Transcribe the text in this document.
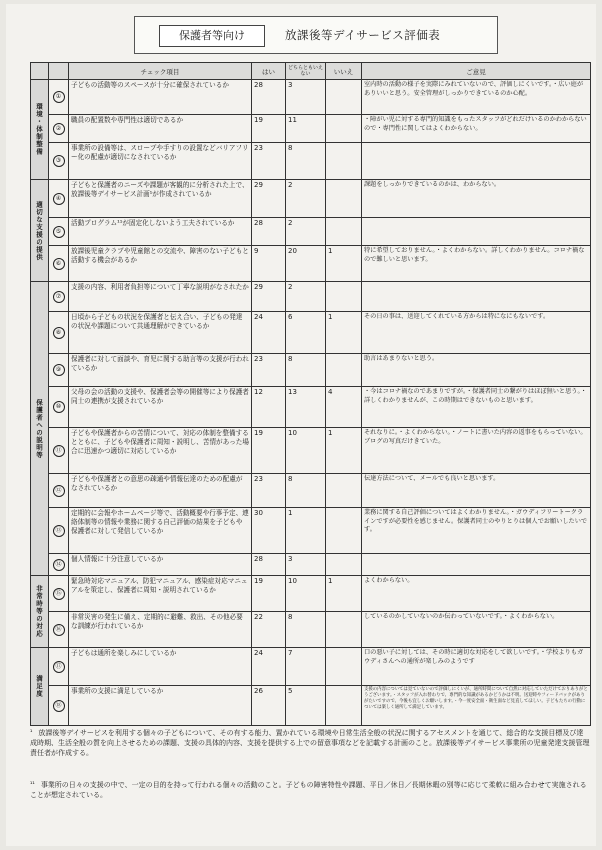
保護者等向け	放課後等デイサービス評価表
		チェック項目	はい	どちらともいえない	いいえ	ご意見
環境・体制整備	①	子どもの活動等のスペースが十分に確保されているか	28	3		室内時の活動の様子を実際にみれていないので、評価しにくいです。・広い庭がありいいと思う。安全管理がしっかりできているのか心配。
	②	職員の配置数や専門性は適切であるか	19	11		・障がい児に対する専門的知識をもったスタッフがどれだけいるのかわからないので・専門性に関してはよくわからない。
	③	事業所の設備等は、スロープや手すりの設置などバリアフリー化の配慮が適切になされているか	23	8		
適切な支援の提供	④	子どもと保護者のニーズや課題が客観的に分析された上で、放課後等デイサービス計画¹が作成されているか	29	2		課題をしっかりできているのかは、わからない。
	⑤	活動プログラム¹¹が固定化しないよう工夫されているか	28	2		
	⑥	放課後児童クラブや児童館との交流や、障害のない子どもと活動する機会があるか	9	20	1	特に希望しておりません。・よくわからない。詳しくわかりません。コロナ禍なので難しいと思います。
保護者への説明等	⑦	支援の内容、利用者負担等について丁寧な説明がなされたか	29	2		
	⑧	日頃から子どもの状況を保護者と伝え合い、子どもの発達の状況や課題について共通理解ができているか	24	6	1	その日の事は、送迎してくれている方からは特になにもないです。
	⑨	保護者に対して面談や、育児に関する助言等の支援が行われているか	23	8		助言はあまりないと思う。
	⑩	父母の会の活動の支援や、保護者会等の開催等により保護者同士の連携が支援されているか	12	13	4	・今はコロナ禍なのであまりですが。・保護者同士の繋がりはほぼ無いと思う。・詳しくわかりませんが、この時期はできないものと思います。
	⑪	子どもや保護者からの苦情について、対応の体制を整備するとともに、子どもや保護者に周知・説明し、苦情があった場合に迅速かつ適切に対応しているか	19	10	1	それなりに。・よくわからない。・ノートに書いた内容の返事をもらっていない。ブログの写真だけきていた。
	⑫	子どもや保護者との意思の疎通や情報伝達のための配慮がなされているか	23	8		伝達方法について、メールでも良いと思います。
	⑬	定期的に会報やホームページ等で、活動概要や行事予定、連絡体制等の情報や業務に関する自己評価の結果を子どもや保護者に対して発信しているか	30	1		業務に関する自己評価についてはよくわかりません。・ガウディフリートークラインですが必要性を感じません。保護者同士のやりとりは個人でお願いしたいです。
	⑭	個人情報に十分注意しているか	28	3		
非常時等の対応	⑮	緊急時対応マニュアル、防犯マニュアル、感染症対応マニュアルを策定し、保護者に周知・説明されているか	19	10	1	よくわからない。
	⑯	非常災害の発生に備え、定期的に避難、救出、その他必要な訓練が行われているか	22	8		しているのかしていないのか伝わっていないです。・よくわからない。
満足度	⑰	子どもは通所を楽しみにしているか	24	7		口の悪い子に対しては、その時に適切な対応をして欲しいです。・学校よりもガウディさんへの通所が楽しみのようです
	⑱	事業所の支援に満足しているか	26	5		支援の内容については見ていないので評価しにくいが、通所時間について自然に対応していただけておりありがとうございます。・スタッフが入れ替わりで、専門的な知識があるかどうかは不明。送迎時やフィードバックがありがたいですので、今後も宜しくお願いします。・今一度安全面・衛生面など見直してほしい。子どもたちの行動については楽しく通所して満足しています。
¹ 放課後等デイサービスを利用する個々の子どもについて、その有する能力、置かれている環境や日常生活全般の状況に関するアセスメントを通じて、総合的な支援目標及び達成時期、生活全般の質を向上させるための課題、支援の具体的内容、支援を提供する上での留意事項などを記載する計画のこと。放課後等デイサービス事業所の児童発達支援管理責任者が作成する。
¹¹ 事業所の日々の支援の中で、一定の目的を持って行われる個々の活動のこと。子どもの障害特性や課題、平日／休日／長期休暇の別等に応じて柔軟に組み合わせて実施されることが想定されている。
